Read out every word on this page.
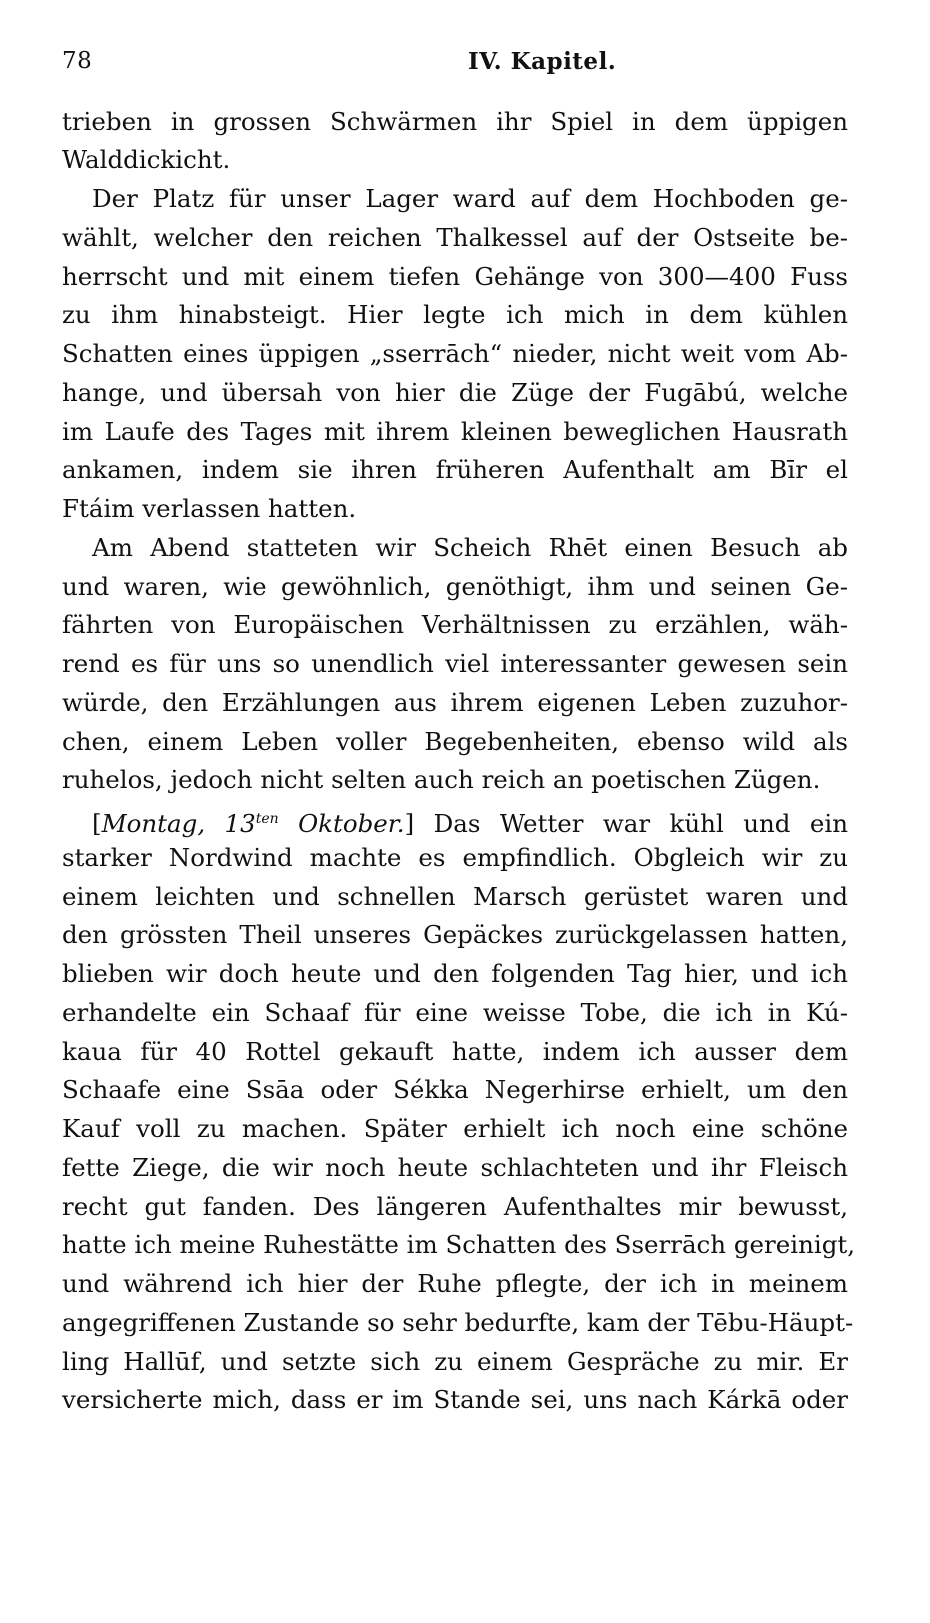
78	IV. Kapitel.
trieben in grossen Schwärmen ihr Spiel in dem üppigen
Walddickicht.
Der Platz für unser Lager ward auf dem Hochboden ge-
wählt, welcher den reichen Thalkessel auf der Ostseite be-
herrscht und mit einem tiefen Gehänge von 300—400 Fuss
zu ihm hinabsteigt. Hier legte ich mich in dem kühlen
Schatten eines üppigen „sserrāch“ nieder, nicht weit vom Ab-
hange, und übersah von hier die Züge der Fugābú, welche
im Laufe des Tages mit ihrem kleinen beweglichen Hausrath
ankamen, indem sie ihren früheren Aufenthalt am Bīr el
Ftáim verlassen hatten.
Am Abend statteten wir Scheich Rhēt einen Besuch ab
und waren, wie gewöhnlich, genöthigt, ihm und seinen Ge-
fährten von Europäischen Verhältnissen zu erzählen, wäh-
rend es für uns so unendlich viel interessanter gewesen sein
würde, den Erzählungen aus ihrem eigenen Leben zuzuhor-
chen, einem Leben voller Begebenheiten, ebenso wild als
ruhelos, jedoch nicht selten auch reich an poetischen Zügen.
[Montag, $13^{ten}$ Oktober.] Das Wetter war kühl und ein
starker Nordwind machte es empfindlich. Obgleich wir zu
einem leichten und schnellen Marsch gerüstet waren und
den grössten Theil unseres Gepäckes zurückgelassen hatten,
blieben wir doch heute und den folgenden Tag hier, und ich
erhandelte ein Schaaf für eine weisse Tobe, die ich in Kú-
kaua für 40 Rottel gekauft hatte, indem ich ausser dem
Schaafe eine Ssāa oder Sékka Negerhirse erhielt, um den
Kauf voll zu machen. Später erhielt ich noch eine schöne
fette Ziege, die wir noch heute schlachteten und ihr Fleisch
recht gut fanden. Des längeren Aufenthaltes mir bewusst,
hatte ich meine Ruhestätte im Schatten des Sserrāch gereinigt,
und während ich hier der Ruhe pflegte, der ich in meinem
angegriffenen Zustande so sehr bedurfte, kam der Tēbu-Häupt-
ling Hallūf, und setzte sich zu einem Gespräche zu mir. Er
versicherte mich, dass er im Stande sei, uns nach Kárkā oder
